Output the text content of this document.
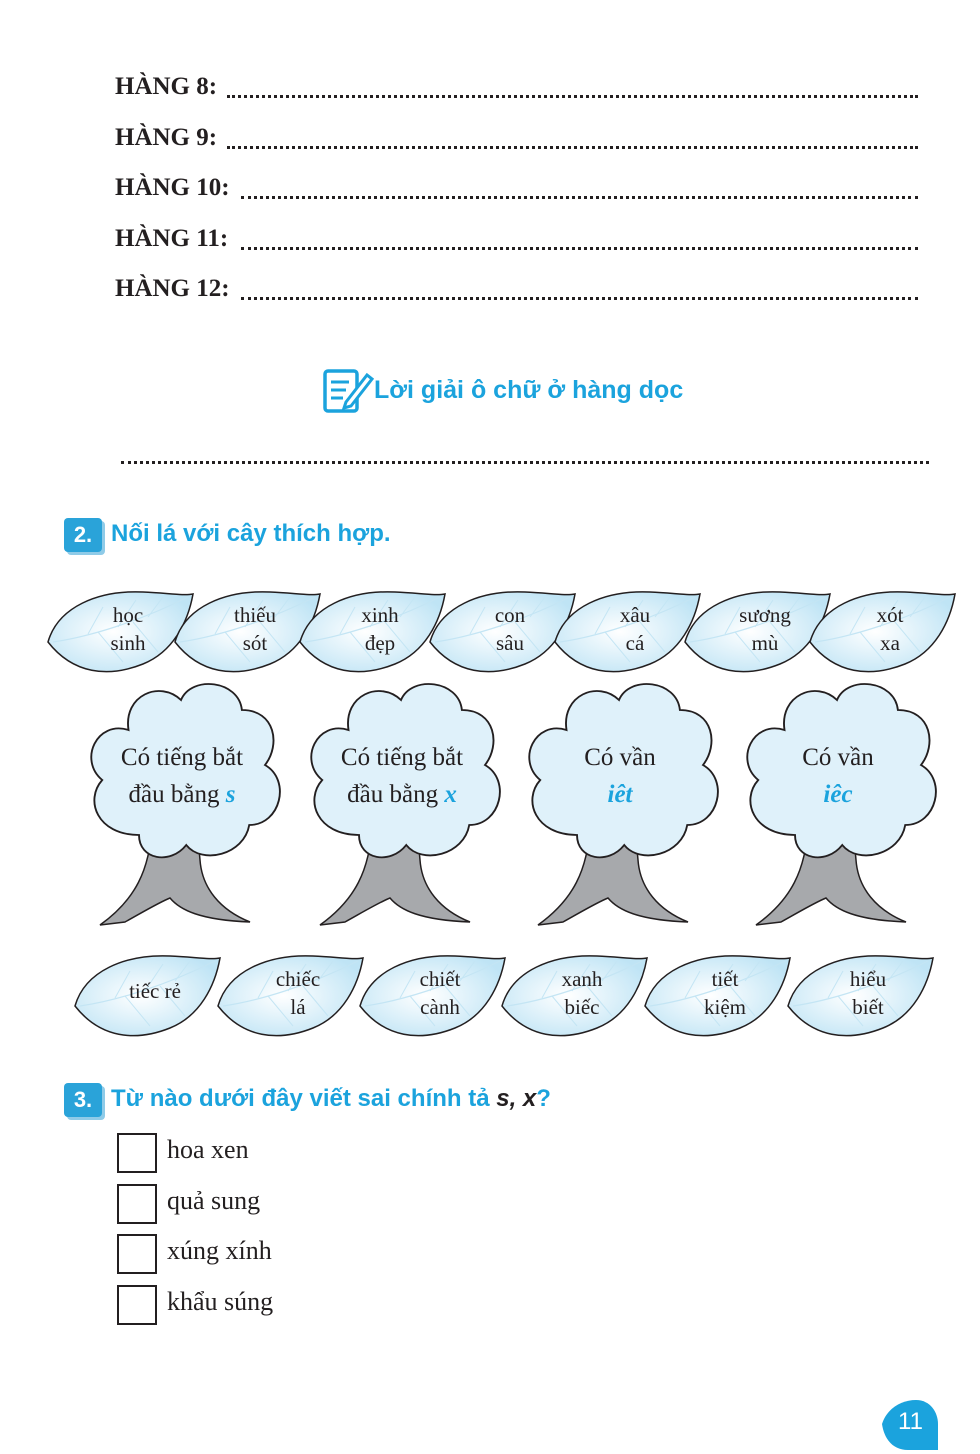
HÀNG 8:
HÀNG 9:
HÀNG 10:
HÀNG 11:
HÀNG 12:
Lời giải ô chữ ở hàng dọc
2. Nối lá với cây thích hợp.
học
sinh
thiếu
sót
xinh
đẹp
con
sâu
xâu
cá
sương
mù
xót
xa
Có tiếng bắt
đầu bằng s
Có tiếng bắt
đầu bằng x
Có vần
iêt
Có vần
iêc
tiếc rẻ	chiếc
lá
chiết
cành
xanh
biếc
tiết
kiệm
hiểu
biết
3. Từ nào dưới đây viết sai chính tả s, x?
hoa xen
quả sung
xúng xính
khẩu súng
11
